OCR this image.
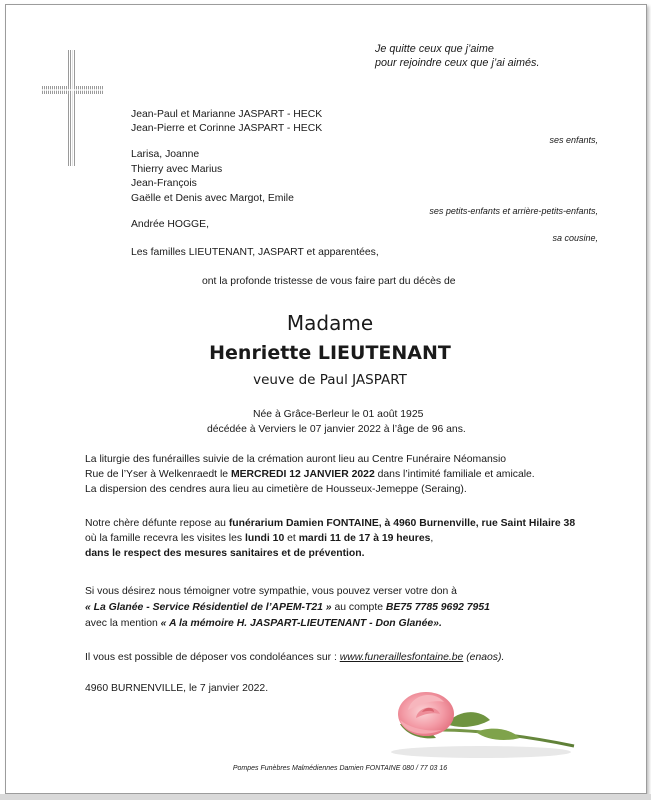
Je quitte ceux que j’aime
pour rejoindre ceux que j’ai aimés.
Jean-Paul et Marianne JASPART - HECK
Jean-Pierre et Corinne JASPART - HECK
ses enfants,
Larisa, Joanne
Thierry avec Marius
Jean-François
Gaëlle et Denis avec Margot, Emile
ses petits-enfants et arrière-petits-enfants,
Andrée HOGGE,
sa cousine,
Les familles LIEUTENANT, JASPART et apparentées,
ont la profonde tristesse de vous faire part du décès de
Madame
Henriette LIEUTENANT
veuve de Paul JASPART
Née à Grâce-Berleur le 01 août 1925
décédée à Verviers le 07 janvier 2022 à l’âge de 96 ans.
La liturgie des funérailles suivie de la crémation auront lieu au Centre Funéraire Néomansio
Rue de l’Yser à Welkenraedt le MERCREDI 12 JANVIER 2022 dans l’intimité familiale et amicale.
La dispersion des cendres aura lieu au cimetière de Housseux-Jemeppe (Seraing).
Notre chère défunte repose au funérarium Damien FONTAINE, à 4960 Burnenville, rue Saint Hilaire 38
où la famille recevra les visites les lundi 10 et mardi 11 de 17 à 19 heures,
dans le respect des mesures sanitaires et de prévention.
Si vous désirez nous témoigner votre sympathie, vous pouvez verser votre don à
« La Glanée - Service Résidentiel de l’APEM-T21 » au compte BE75 7785 9692 7951
avec la mention « A la mémoire H. JASPART-LIEUTENANT - Don Glanée».
Il vous est possible de déposer vos condoléances sur : www.funeraillesfontaine.be (enaos).
4960 BURNENVILLE, le 7 janvier 2022.
Pompes Funèbres Malmédiennes Damien FONTAINE 080 / 77 03 16
